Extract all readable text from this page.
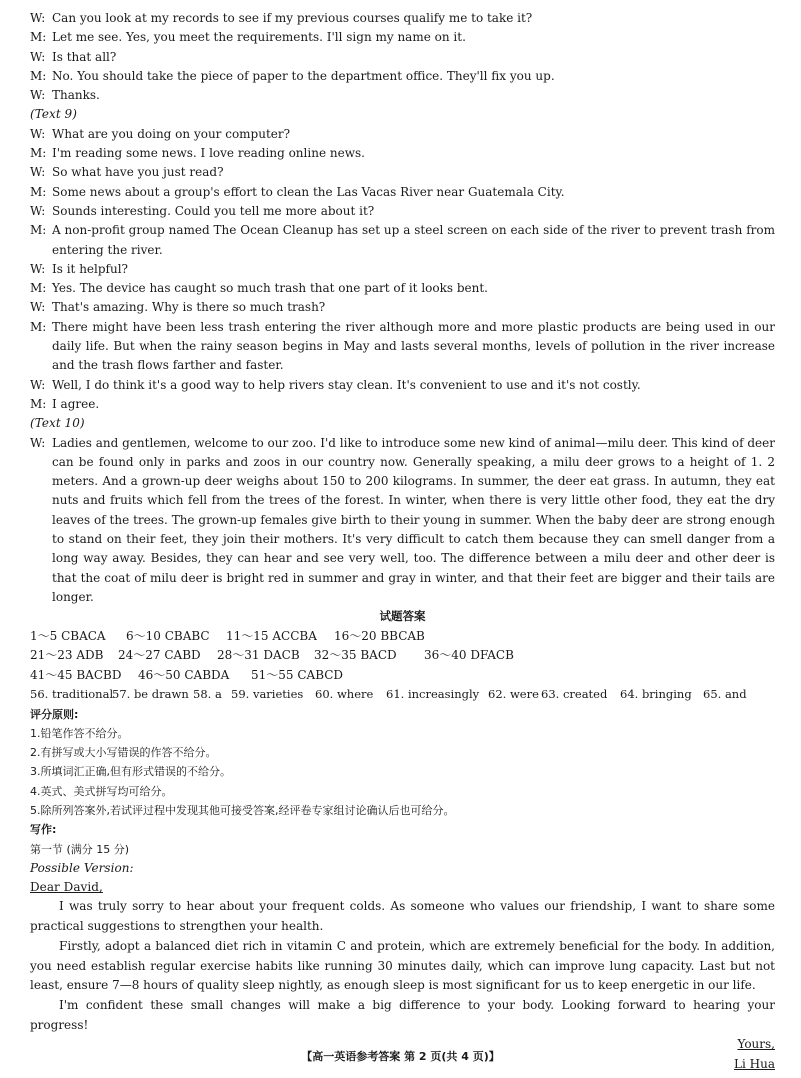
W: Can you look at my records to see if my previous courses qualify me to take it?

M: Let me see. Yes, you meet the requirements. I'll sign my name on it.

W: Is that all?

M: No. You should take the piece of paper to the department office. They'll fix you up.

W: Thanks.

(Text 9)

W: What are you doing on your computer?

M: I'm reading some news. I love reading online news.

W: So what have you just read?

M: Some news about a group's effort to clean the Las Vacas River near Guatemala City.

W: Sounds interesting. Could you tell me more about it?

M: A non-profit group named The Ocean Cleanup has set up a steel screen on each side of the river to prevent trash from entering the river.

W: Is it helpful?

M: Yes. The device has caught so much trash that one part of it looks bent.

W: That's amazing. Why is there so much trash?

M: There might have been less trash entering the river although more and more plastic products are being used in our daily life. But when the rainy season begins in May and lasts several months, levels of pollution in the river increase and the trash flows farther and faster.

W: Well, I do think it's a good way to help rivers stay clean. It's convenient to use and it's not costly.

M: I agree.

(Text 10)

W: Ladies and gentlemen, welcome to our zoo. I'd like to introduce some new kind of animal—milu deer. This kind of deer can be found only in parks and zoos in our country now. Generally speaking, a milu deer grows to a height of 1. 2 meters. And a grown-up deer weighs about 150 to 200 kilograms. In summer, the deer eat grass. In autumn, they eat nuts and fruits which fell from the trees of the forest. In winter, when there is very little other food, they eat the dry leaves of the trees. The grown-up females give birth to their young in summer. When the baby deer are strong enough to stand on their feet, they join their mothers. It's very difficult to catch them because they can smell danger from a long way away. Besides, they can hear and see very well, too. The difference between a milu deer and other deer is that the coat of milu deer is bright red in summer and gray in winter, and that their feet are bigger and their tails are longer.

试题答案

1～5 CBACA 6～10 CBABC 11～15 ACCBA 16～20 BBCAB

21～23 ADB 24～27 CABD 28～31 DACB 32～35 BACD 36～40 DFACB

41～45 BACBD 46～50 CABDA 51～55 CABCD

56. traditional57. be drawn 58. a 59. varieties 60. where 61. increasingly 62. were 63. created 64. bringing 65. and

评分原则:

1.铅笔作答不给分。

2.有拼写或大小写错误的作答不给分。

3.所填词汇正确,但有形式错误的不给分。

4.英式、美式拼写均可给分。

5.除所列答案外,若试评过程中发现其他可接受答案,经评卷专家组讨论确认后也可给分。

写作:

第一节 (满分 15 分)

Possible Version:

Dear David,

I was truly sorry to hear about your frequent colds. As someone who values our friendship, I want to share some practical suggestions to strengthen your health.

Firstly, adopt a balanced diet rich in vitamin C and protein, which are extremely beneficial for the body. In addition, you need establish regular exercise habits like running 30 minutes daily, which can improve lung capacity. Last but not least, ensure 7—8 hours of quality sleep nightly, as enough sleep is most significant for us to keep energetic in our life.

I'm confident these small changes will make a big difference to your body. Looking forward to hearing your progress!

Yours,

Li Hua

【高一英语参考答案 第 2 页(共 4 页)】
